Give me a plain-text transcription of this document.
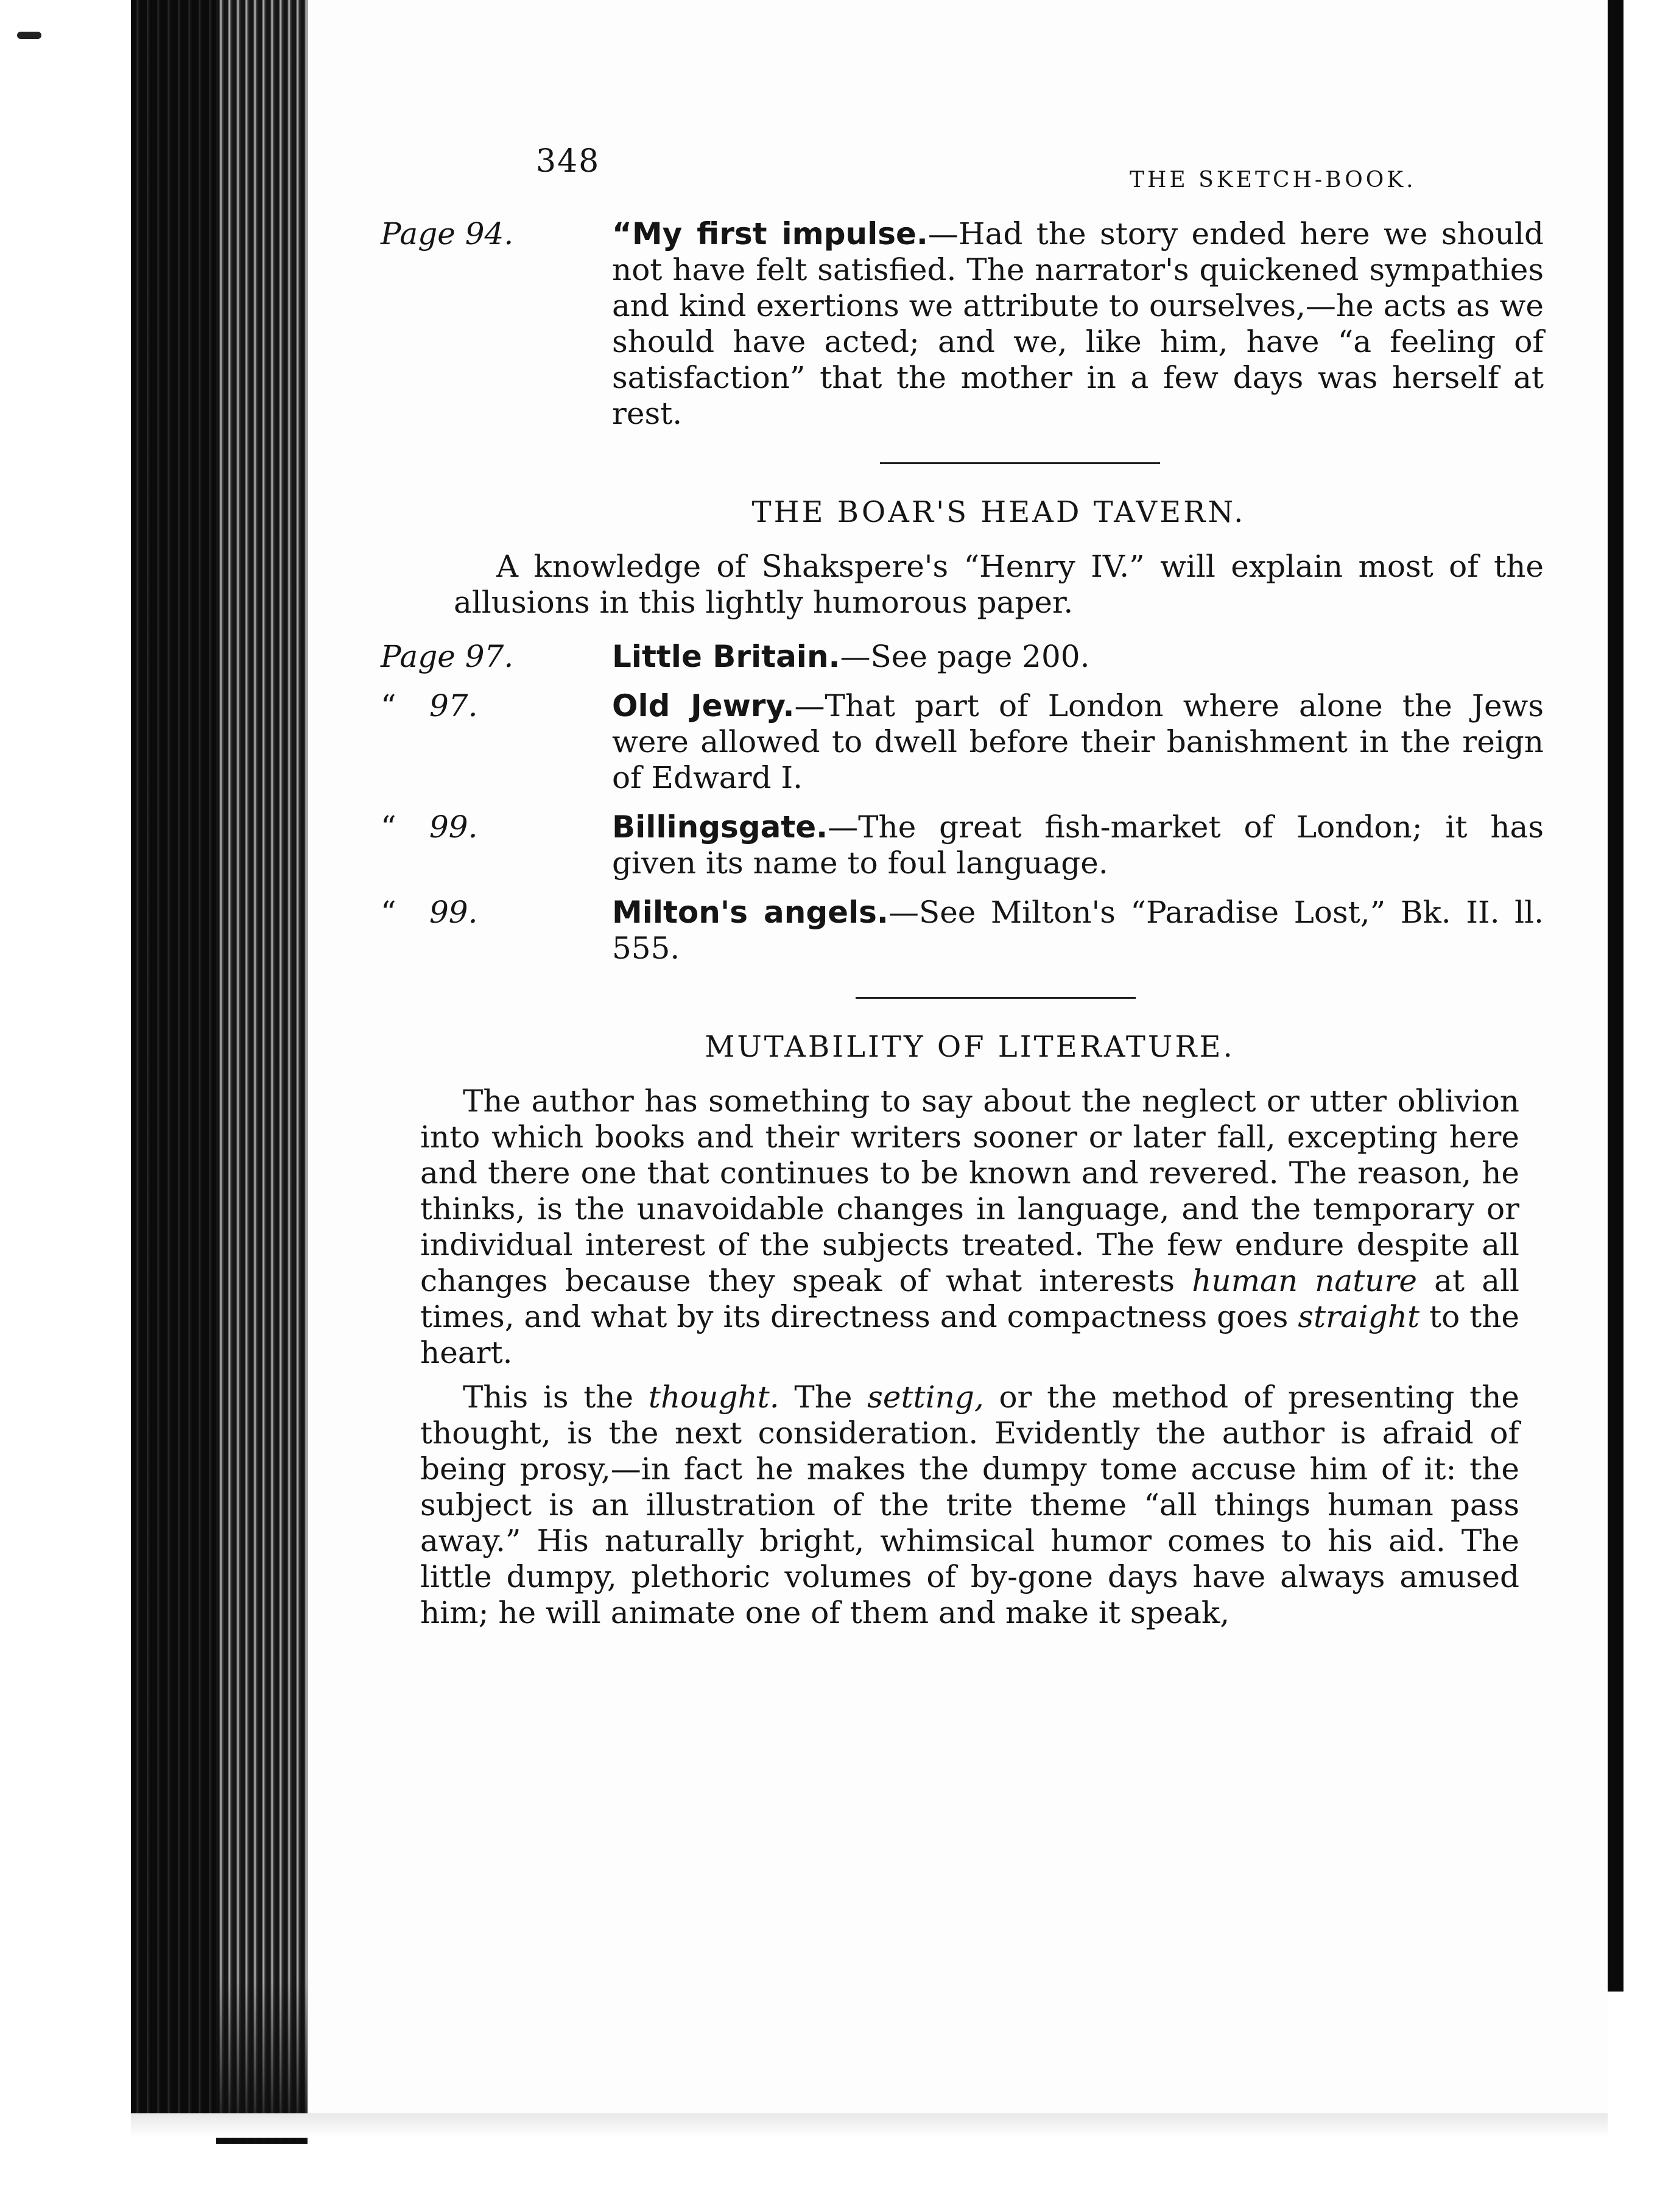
348
THE SKETCH-BOOK.
Page 94.	“My first impulse.—Had the story ended here we should not have felt satisfied. The narrator's quickened sympathies and kind exertions we attribute to ourselves,—he acts as we should have acted; and we, like him, have “a feeling of satisfaction” that the mother in a few days was herself at rest.
THE BOAR'S HEAD TAVERN.
A knowledge of Shakspere's “Henry IV.” will explain most of the allusions in this lightly humorous paper.
Page 97.	Little Britain.—See page 200.
“ 97.	Old Jewry.—That part of London where alone the Jews were allowed to dwell before their banishment in the reign of Edward I.
“ 99.	Billingsgate.—The great fish-market of London; it has given its name to foul language.
“ 99.	Milton's angels.—See Milton's “Paradise Lost,” Bk. II. ll. 555.
MUTABILITY OF LITERATURE.

The author has something to say about the neglect or utter oblivion into which books and their writers sooner or later fall, excepting here and there one that continues to be known and revered. The reason, he thinks, is the unavoidable changes in language, and the temporary or individual interest of the subjects treated. The few endure despite all changes because they speak of what interests human nature at all times, and what by its directness and compactness goes straight to the heart.

This is the thought. The setting, or the method of presenting the thought, is the next consideration. Evidently the author is afraid of being prosy,—in fact he makes the dumpy tome accuse him of it: the subject is an illustration of the trite theme “all things human pass away.” His naturally bright, whimsical humor comes to his aid. The little dumpy, plethoric volumes of by-gone days have always amused him; he will animate one of them and make it speak,
